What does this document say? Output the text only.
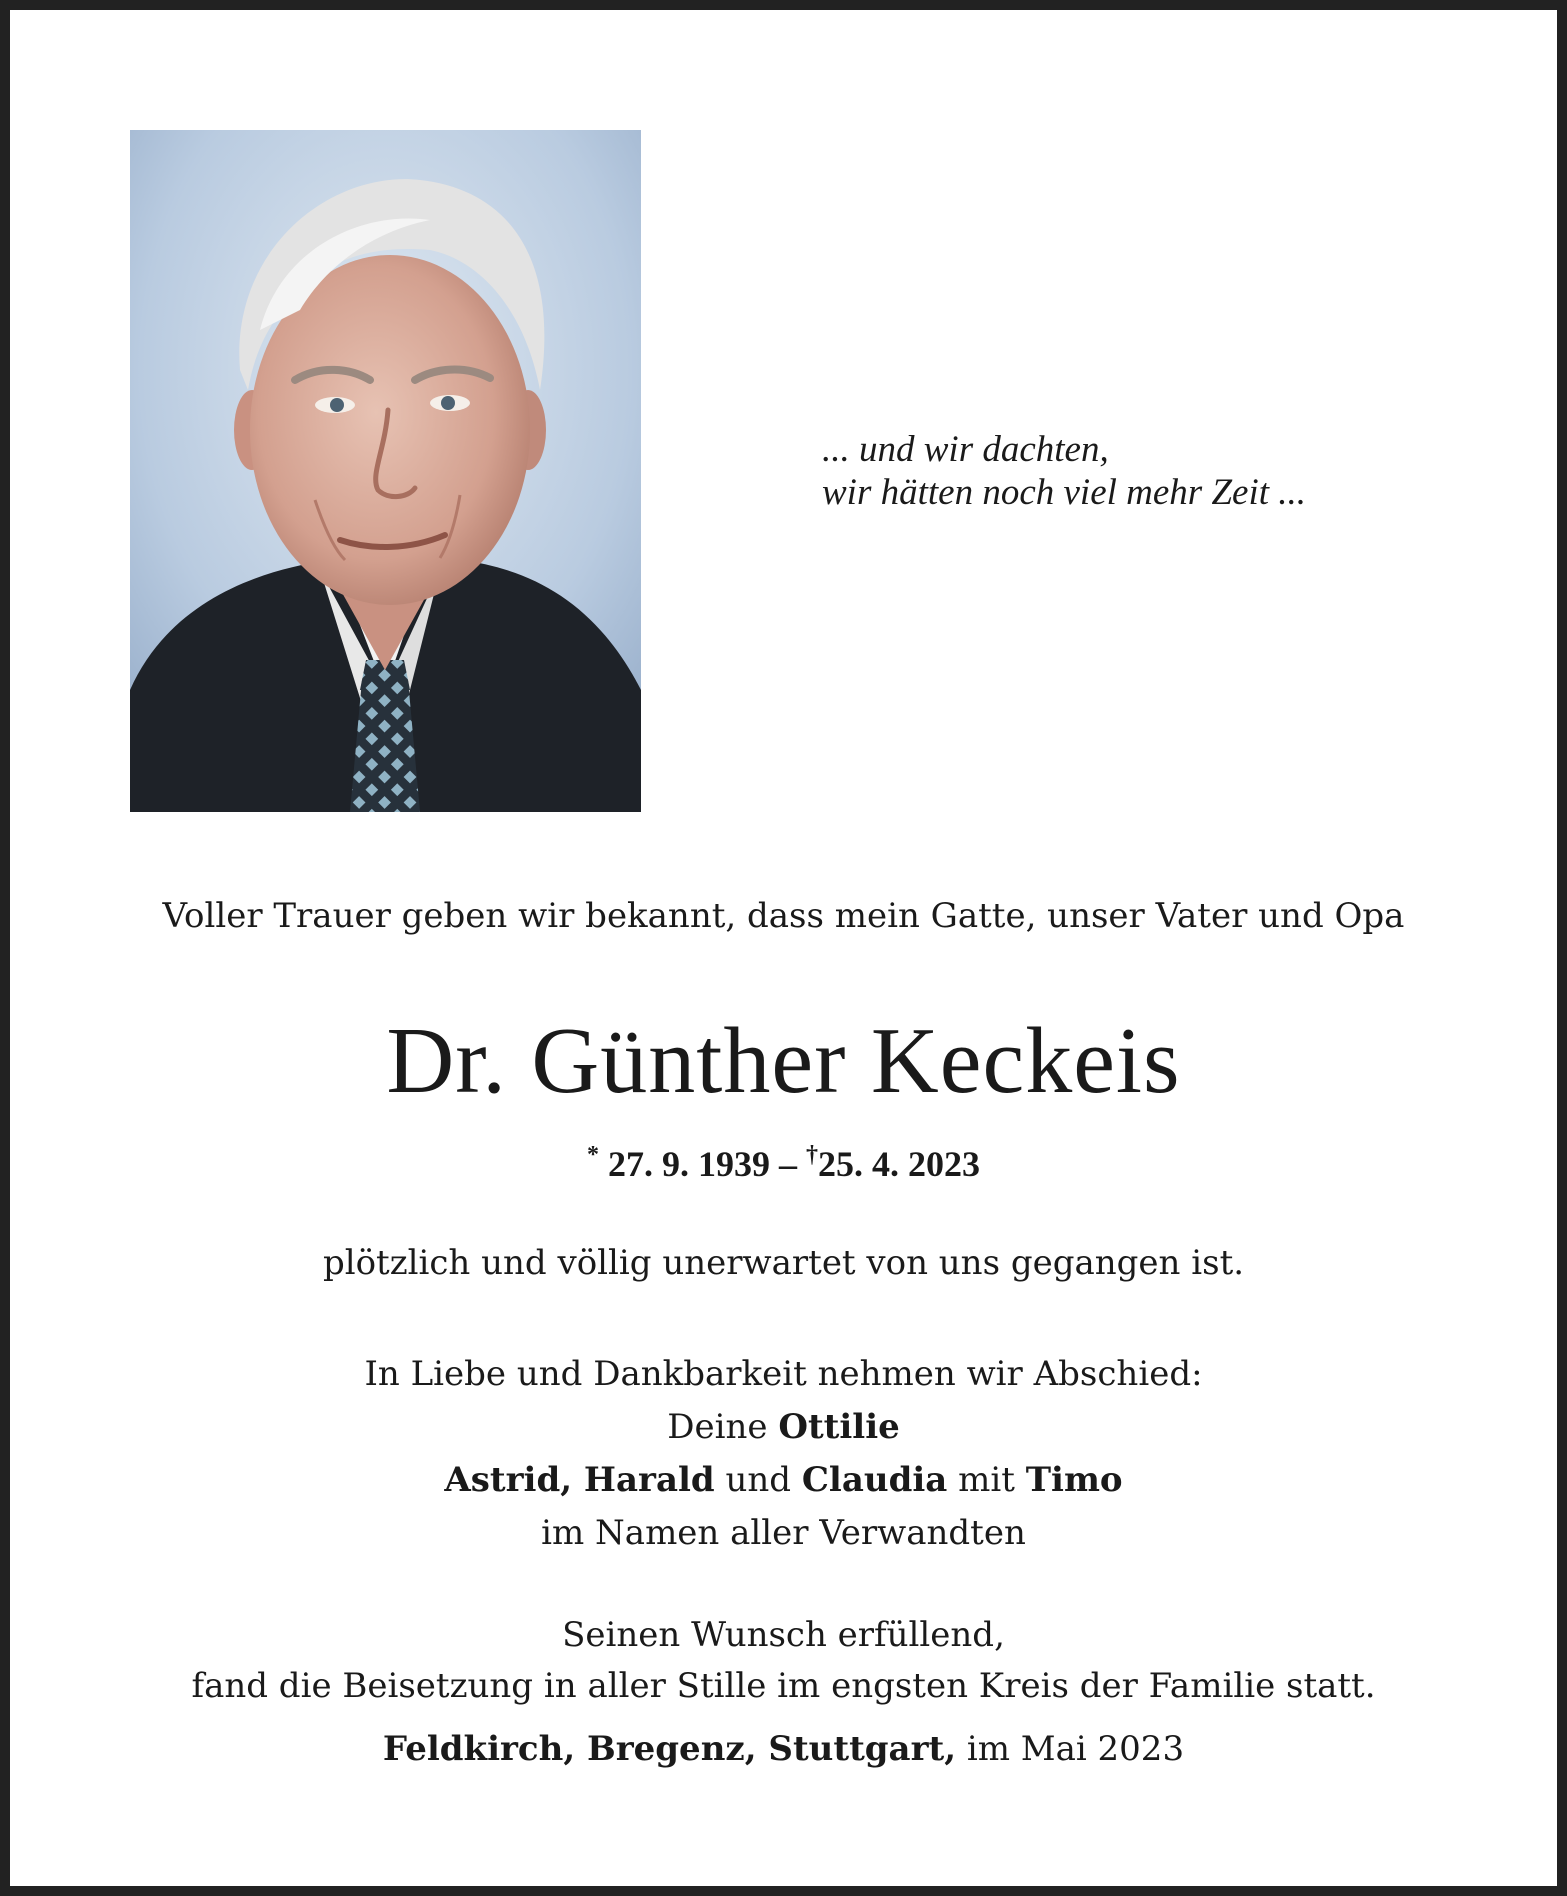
... und wir dachten,
wir hätten noch viel mehr Zeit ...
Voller Trauer geben wir bekannt, dass mein Gatte, unser Vater und Opa
Dr. Günther Keckeis
* 27. 9. 1939 – †25. 4. 2023
plötzlich und völlig unerwartet von uns gegangen ist.
In Liebe und Dankbarkeit nehmen wir Abschied:
Deine Ottilie
Astrid, Harald und Claudia mit Timo
im Namen aller Verwandten
Seinen Wunsch erfüllend,
fand die Beisetzung in aller Stille im engsten Kreis der Familie statt.
Feldkirch, Bregenz, Stuttgart, im Mai 2023
